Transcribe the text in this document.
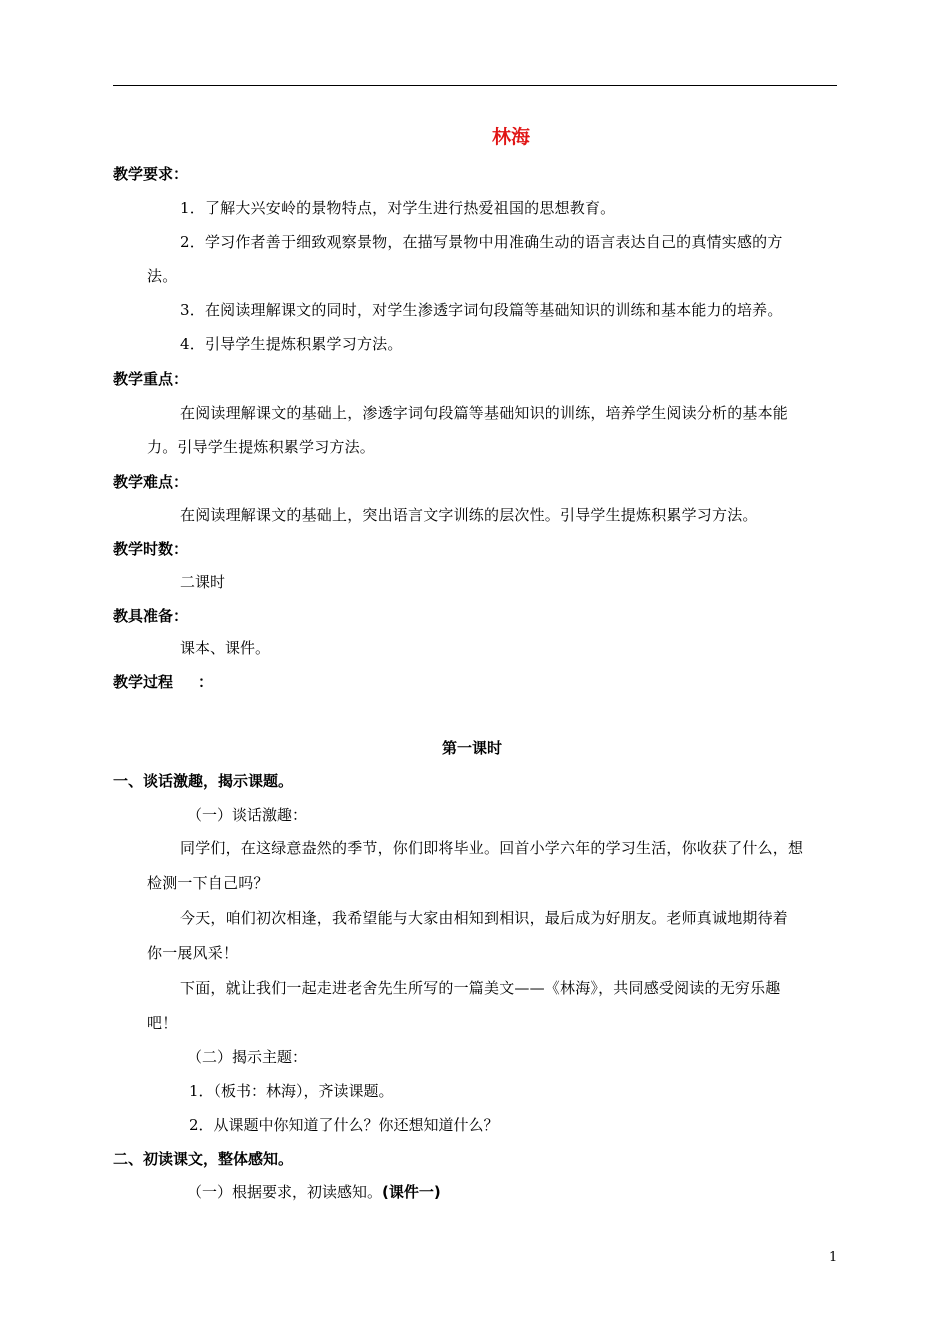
林海
教学要求：
1．了解大兴安岭的景物特点，对学生进行热爱祖国的思想教育。
2．学习作者善于细致观察景物，在描写景物中用准确生动的语言表达自己的真情实感的方
法。
3．在阅读理解课文的同时，对学生渗透字词句段篇等基础知识的训练和基本能力的培养。
4．引导学生提炼积累学习方法。
教学重点：
在阅读理解课文的基础上，渗透字词句段篇等基础知识的训练，培养学生阅读分析的基本能
力。引导学生提炼积累学习方法。
教学难点：
在阅读理解课文的基础上，突出语言文字训练的层次性。引导学生提炼积累学习方法。
教学时数：
二课时
教具准备：
课本、课件。
教学过程 ：
第一课时
一、谈话激趣，揭示课题。
（一）谈话激趣：
同学们，在这绿意盎然的季节，你们即将毕业。回首小学六年的学习生活，你收获了什么，想
检测一下自己吗？
今天，咱们初次相逢，我希望能与大家由相知到相识，最后成为好朋友。老师真诚地期待着
你一展风采！
下面，就让我们一起走进老舍先生所写的一篇美文——《林海》，共同感受阅读的无穷乐趣
吧！
（二）揭示主题：
1．（板书：林海），齐读课题。
2．从课题中你知道了什么？你还想知道什么？
二、初读课文，整体感知。
（一）根据要求，初读感知。(课件一)
1
